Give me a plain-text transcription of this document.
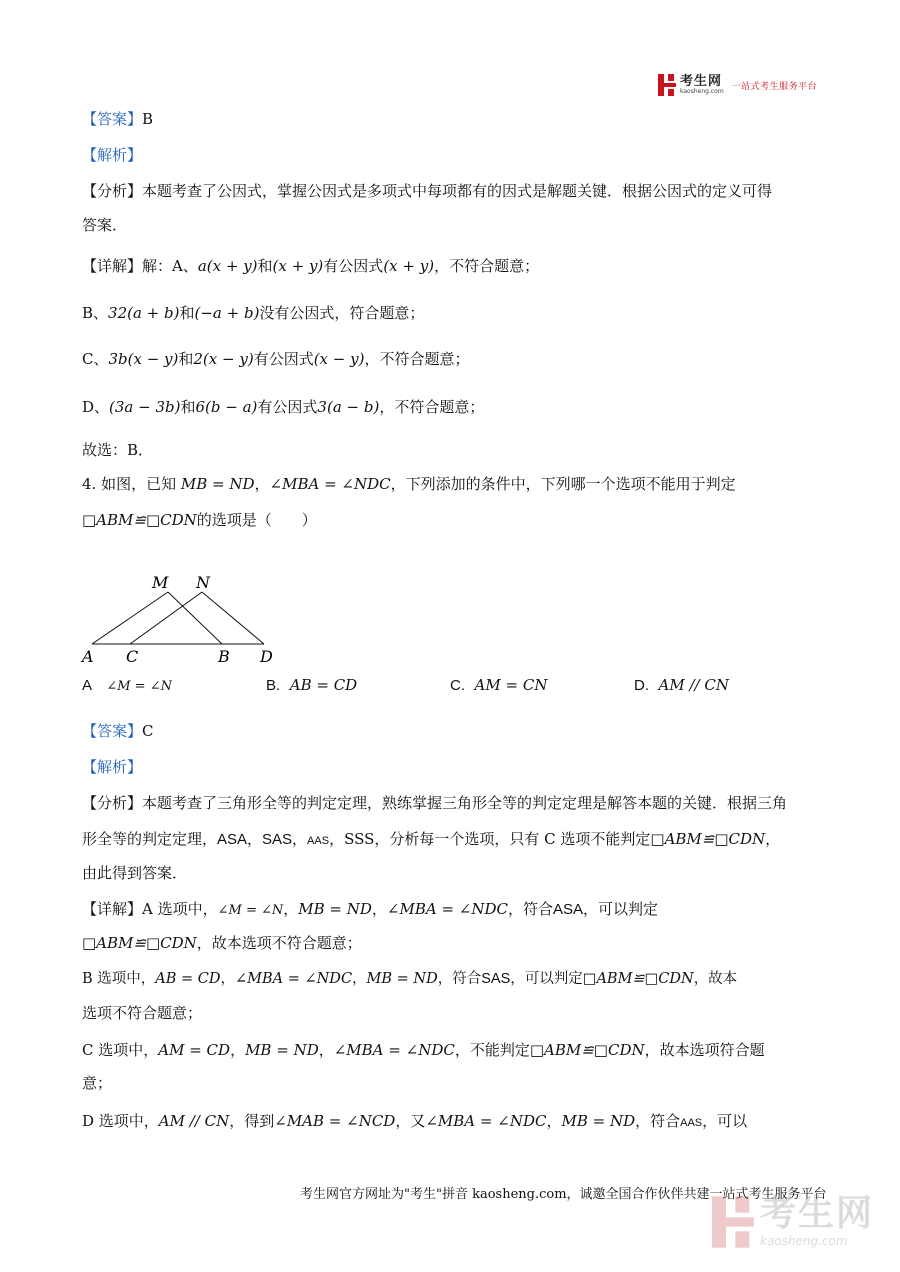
考生网
kaosheng.com 一站式考生服务平台
【答案】B
【解析】
【分析】本题考查了公因式，掌握公因式是多项式中每项都有的因式是解题关键．根据公因式的定义可得
答案．
【详解】解：A、a(x + y)和(x + y)有公因式(x + y)，不符合题意；
B、32(a + b)和(−a + b)没有公因式，符合题意；
C、3b(x − y)和2(x − y)有公因式(x − y)，不符合题意；
D、(3a − 3b)和6(b − a)有公因式3(a − b)，不符合题意；
故选：B．
4. 如图，已知 MB = ND，∠MBA = ∠NDC，下列添加的条件中，下列哪一个选项不能用于判定
□ABM≌□CDN的选项是（　　）
M N
A C	B D
A ∠M = ∠N	B. AB = CD	C. AM = CN	D. AM // CN
【答案】C
【解析】
【分析】本题考查了三角形全等的判定定理，熟练掌握三角形全等的判定定理是解答本题的关键．根据三角
形全等的判定定理，ASA，SAS，AAS，SSS，分析每一个选项，只有 C 选项不能判定□ABM≌□CDN，
由此得到答案．
【详解】A 选项中，∠M = ∠N，MB = ND，∠MBA = ∠NDC，符合ASA，可以判定
□ABM≌□CDN，故本选项不符合题意；
B 选项中，AB = CD，∠MBA = ∠NDC，MB = ND，符合SAS，可以判定□ABM≌□CDN，故本
选项不符合题意；
C 选项中，AM = CD，MB = ND，∠MBA = ∠NDC，不能判定□ABM≌□CDN，故本选项符合题
意；
D 选项中，AM // CN，得到∠MAB = ∠NCD，又∠MBA = ∠NDC，MB = ND，符合AAS，可以
考生网官方网址为"考生"拼音 kaosheng.com，诚邀全国合作伙伴共建一站式考生服务平台
考生网
kaosheng.com
